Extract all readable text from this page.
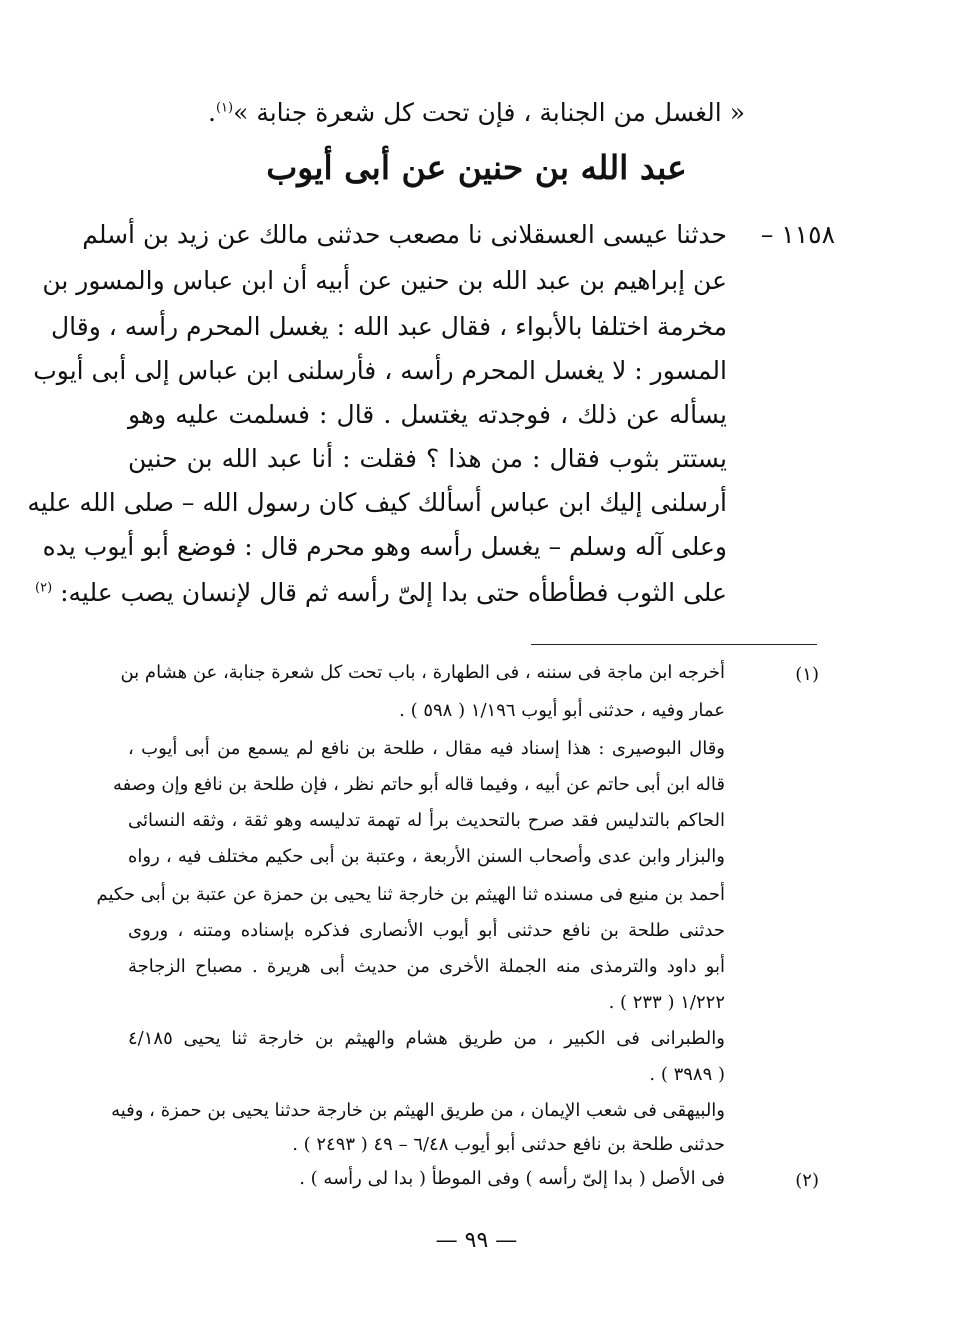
« الغسل من الجنابة ، فإن تحت كل شعرة جنابة »$^{(١)}$.
عبد الله بن حنين عن أبى أيوب
١١٥٨ –
حدثنا عيسى العسقلانى نا مصعب حدثنى مالك عن زيد بن أسلم
عن إبراهيم بن عبد الله بن حنين عن أبيه أن ابن عباس والمسور بن
مخرمة اختلفا بالأبواء ، فقال عبد الله : يغسل المحرم رأسه ، وقال
المسور : لا يغسل المحرم رأسه ، فأرسلنى ابن عباس إلى أبى أيوب
يسأله عن ذلك ، فوجدته يغتسل . قال : فسلمت عليه وهو
يستتر بثوب فقال : من هذا ؟ فقلت : أنا عبد الله بن حنين
أرسلنى إليك ابن عباس أسألك كيف كان رسول الله – صلى الله عليه
وعلى آله وسلم – يغسل رأسه وهو محرم قال : فوضع أبو أيوب يده
على الثوب فطأطأه حتى بدا إلىّ رأسه ثم قال لإنسان يصب عليه: $^{(٢)}$
(١)
أخرجه ابن ماجة فى سننه ، فى الطهارة ، باب تحت كل شعرة جنابة، عن هشام بن
عمار وفيه ، حدثنى أبو أيوب ١/١٩٦ ( ٥٩٨ ) .
وقال البوصيرى : هذا إسناد فيه مقال ، طلحة بن نافع لم يسمع من أبى أيوب ،
قاله ابن أبى حاتم عن أبيه ، وفيما قاله أبو حاتم نظر ، فإن طلحة بن نافع وإن وصفه
الحاكم بالتدليس فقد صرح بالتحديث برأ له تهمة تدليسه وهو ثقة ، وثقه النسائى
والبزار وابن عدى وأصحاب السنن الأربعة ، وعتبة بن أبى حكيم مختلف فيه ، رواه
أحمد بن منيع فى مسنده ثنا الهيثم بن خارجة ثنا يحيى بن حمزة عن عتبة بن أبى حكيم
حدثنى طلحة بن نافع حدثنى أبو أيوب الأنصارى فذكره بإسناده ومتنه ، وروى
أبو داود والترمذى منه الجملة الأخرى من حديث أبى هريرة . مصباح الزجاجة
١/٢٢٢ ( ٢٣٣ ) .
والطبرانى فى الكبير ، من طريق هشام والهيثم بن خارجة ثنا يحيى ٤/١٨٥
( ٣٩٨٩ ) .
والبيهقى فى شعب الإيمان ، من طريق الهيثم بن خارجة حدثنا يحيى بن حمزة ، وفيه
حدثنى طلحة بن نافع حدثنى أبو أيوب ٦/٤٨ – ٤٩ ( ٢٤٩٣ ) .
(٢)
فى الأصل ( بدا إلىّ رأسه ) وفى الموطأ ( بدا لى رأسه ) .
— ٩٩ —
